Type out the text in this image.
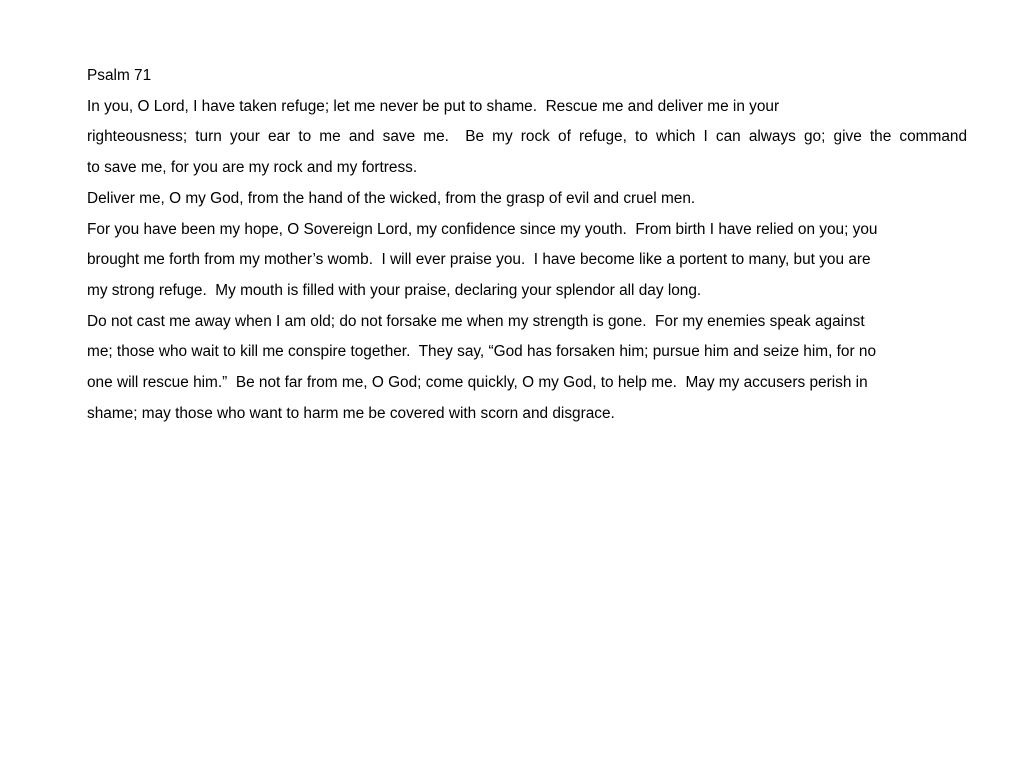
Psalm 71
In you, O Lord, I have taken refuge; let me never be put to shame.  Rescue me and deliver me in your
righteousness; turn your ear to me and save me.  Be my rock of refuge, to which I can always go; give the command
to save me, for you are my rock and my fortress.
Deliver me, O my God, from the hand of the wicked, from the grasp of evil and cruel men.
For you have been my hope, O Sovereign Lord, my confidence since my youth.  From birth I have relied on you; you
brought me forth from my mother’s womb.  I will ever praise you.  I have become like a portent to many, but you are
my strong refuge.  My mouth is filled with your praise, declaring your splendor all day long.
Do not cast me away when I am old; do not forsake me when my strength is gone.  For my enemies speak against
me; those who wait to kill me conspire together.  They say, “God has forsaken him; pursue him and seize him, for no
one will rescue him.”  Be not far from me, O God; come quickly, O my God, to help me.  May my accusers perish in
shame; may those who want to harm me be covered with scorn and disgrace.
